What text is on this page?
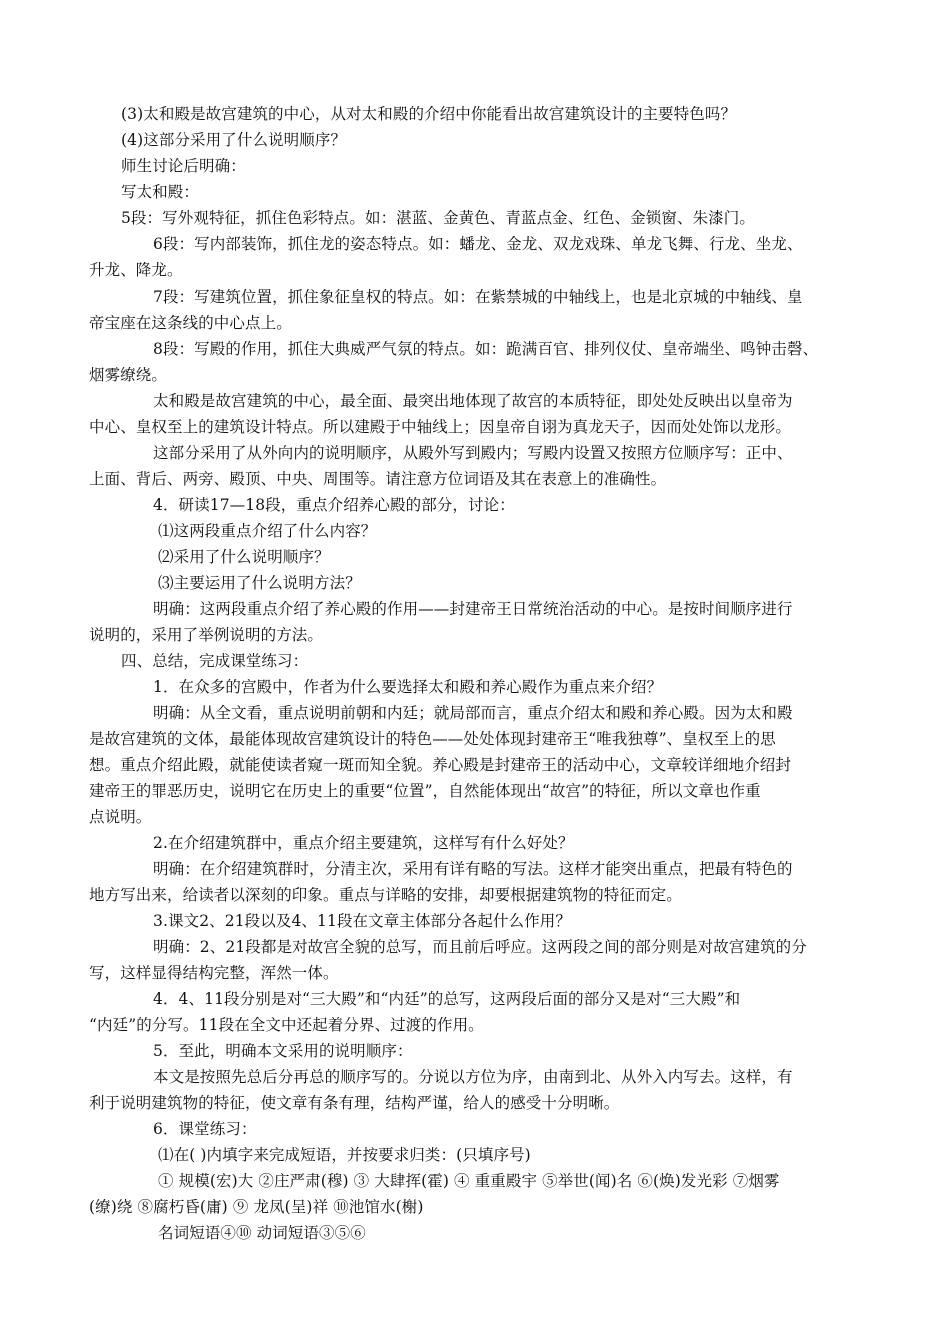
(3)太和殿是故宫建筑的中心，从对太和殿的介绍中你能看出故宫建筑设计的主要特色吗？
(4)这部分采用了什么说明顺序？
师生讨论后明确：
写太和殿：
5段：写外观特征，抓住色彩特点。如：湛蓝、金黄色、青蓝点金、红色、金锁窗、朱漆门。
6段：写内部装饰，抓住龙的姿态特点。如：蟠龙、金龙、双龙戏珠、单龙飞舞、行龙、坐龙、
升龙、降龙。
7段：写建筑位置，抓住象征皇权的特点。如：在紫禁城的中轴线上，也是北京城的中轴线、皇
帝宝座在这条线的中心点上。
8段：写殿的作用，抓住大典威严气氛的特点。如：跪满百官、排列仪仗、皇帝端坐、鸣钟击磬、
烟雾缭绕。
太和殿是故宫建筑的中心，最全面、最突出地体现了故宫的本质特征，即处处反映出以皇帝为
中心、皇权至上的建筑设计特点。所以建殿于中轴线上；因皇帝自诩为真龙天子，因而处处饰以龙形。
这部分采用了从外向内的说明顺序，从殿外写到殿内；写殿内设置又按照方位顺序写：正中、
上面、背后、两旁、殿顶、中央、周围等。请注意方位词语及其在表意上的准确性。
4．研读17—18段，重点介绍养心殿的部分，讨论：
⑴这两段重点介绍了什么内容？
⑵采用了什么说明顺序？
⑶主要运用了什么说明方法？
明确：这两段重点介绍了养心殿的作用——封建帝王日常统治活动的中心。是按时间顺序进行
说明的，采用了举例说明的方法。
四、总结，完成课堂练习：
1．在众多的宫殿中，作者为什么要选择太和殿和养心殿作为重点来介绍？
明确：从全文看，重点说明前朝和内廷；就局部而言，重点介绍太和殿和养心殿。因为太和殿
是故宫建筑的文体，最能体现故宫建筑设计的特色——处处体现封建帝王“唯我独尊”、皇权至上的思
想。重点介绍此殿，就能使读者窥一斑而知全貌。养心殿是封建帝王的活动中心，文章较详细地介绍封
建帝王的罪恶历史，说明它在历史上的重要“位置”，自然能体现出“故宫”的特征，所以文章也作重
点说明。
2.在介绍建筑群中，重点介绍主要建筑，这样写有什么好处？
明确：在介绍建筑群时，分清主次，采用有详有略的写法。这样才能突出重点，把最有特色的
地方写出来，给读者以深刻的印象。重点与详略的安排，却要根据建筑物的特征而定。
3.课文2、21段以及4、11段在文章主体部分各起什么作用？
明确：2、21段都是对故宫全貌的总写，而且前后呼应。这两段之间的部分则是对故宫建筑的分
写，这样显得结构完整，浑然一体。
4．4、11段分别是对“三大殿”和“内廷”的总写，这两段后面的部分又是对“三大殿”和
“内廷”的分写。11段在全文中还起着分界、过渡的作用。
5．至此，明确本文采用的说明顺序：
本文是按照先总后分再总的顺序写的。分说以方位为序，由南到北、从外入内写去。这样，有
利于说明建筑物的特征，使文章有条有理，结构严谨，给人的感受十分明晰。
6．课堂练习：
⑴在( )内填字来完成短语，并按要求归类：(只填序号)
① 规模(宏)大 ②庄严肃(穆) ③ 大肆挥(霍) ④ 重重殿宇 ⑤举世(闻)名 ⑥(焕)发光彩 ⑦烟雾
(缭)绕 ⑧腐朽昏(庸) ⑨ 龙凤(呈)祥 ⑩池馆水(榭)
名词短语④⑩ 动词短语③⑤⑥
